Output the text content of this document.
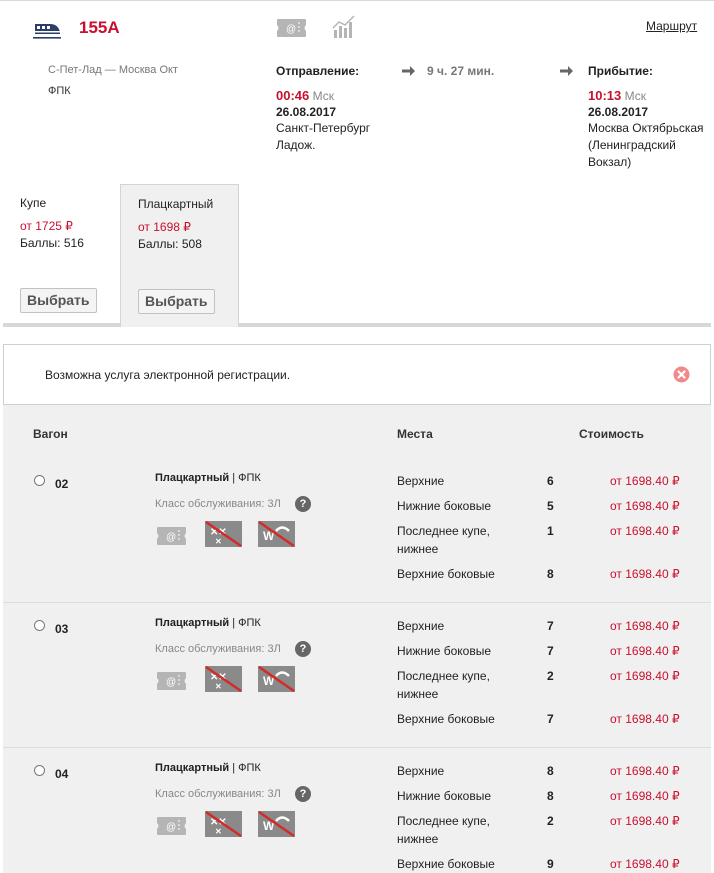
155А	@	Маршрут
С-Пет-Лад — Москва Окт
ФПК
Отправление:
00:46 Мск
26.08.2017
Санкт-Петербург
Ладож.
9 ч. 27 мин.	Прибытие:
10:13 Мск
26.08.2017
Москва Октябрьская
(Ленинградский
Вокзал)
Купе
от 1725 ₽
Баллы: 516
Выбрать
Плацкартный
от 1698 ₽
Баллы: 508
Выбрать
Возможна услуга электронной регистрации.
Вагон	Места	Стоимость
02	Плацкартный | ФПК
Класс обслуживания: 3Л	?
@	✕✕
✕	W
Верхние	6	от 1698.40 ₽
Нижние боковые	5	от 1698.40 ₽
Последнее купе, нижнее
1	от 1698.40 ₽
Верхние боковые	8	от 1698.40 ₽
03	Плацкартный | ФПК
Класс обслуживания: 3Л	?
@	✕✕
✕	W
Верхние	7	от 1698.40 ₽
Нижние боковые	7	от 1698.40 ₽
Последнее купе, нижнее
2	от 1698.40 ₽
Верхние боковые	7	от 1698.40 ₽
04	Плацкартный | ФПК
Класс обслуживания: 3Л	?
@	✕✕
✕	W
Верхние	8	от 1698.40 ₽
Нижние боковые	8	от 1698.40 ₽
Последнее купе, нижнее
2	от 1698.40 ₽
Верхние боковые	9	от 1698.40 ₽
